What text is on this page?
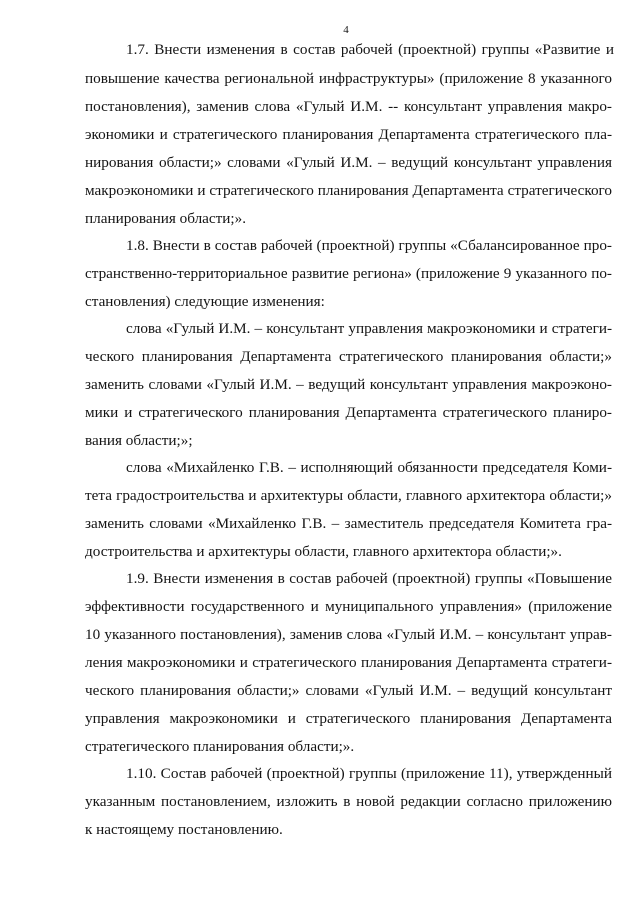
4
1.7. Внести изменения в состав рабочей (проектной) группы «Развитие и
повышение качества региональной инфраструктуры» (приложение 8 указанного
постановления), заменив слова «Гулый И.М. -- консультант управления макро-
экономики и стратегического планирования Департамента стратегического пла-
нирования области;» словами «Гулый И.М. – ведущий консультант управления
макроэкономики и стратегического планирования Департамента стратегического
планирования области;».
1.8. Внести в состав рабочей (проектной) группы «Сбалансированное про-
странственно-территориальное развитие региона» (приложение 9 указанного по-
становления) следующие изменения:
слова «Гулый И.М. – консультант управления макроэкономики и стратеги-
ческого планирования Департамента стратегического планирования области;»
заменить словами «Гулый И.М. – ведущий консультант управления макроэконо-
мики и стратегического планирования Департамента стратегического планиро-
вания области;»;
слова «Михайленко Г.В. – исполняющий обязанности председателя Коми-
тета градостроительства и архитектуры области, главного архитектора области;»
заменить словами «Михайленко Г.В. – заместитель председателя Комитета гра-
достроительства и архитектуры области, главного архитектора области;».
1.9. Внести изменения в состав рабочей (проектной) группы «Повышение
эффективности государственного и муниципального управления» (приложение
10 указанного постановления), заменив слова «Гулый И.М. – консультант управ-
ления макроэкономики и стратегического планирования Департамента стратеги-
ческого планирования области;» словами «Гулый И.М. – ведущий консультант
управления макроэкономики и стратегического планирования Департамента
стратегического планирования области;».
1.10. Состав рабочей (проектной) группы (приложение 11), утвержденный
указанным постановлением, изложить в новой редакции согласно приложению
к настоящему постановлению.
